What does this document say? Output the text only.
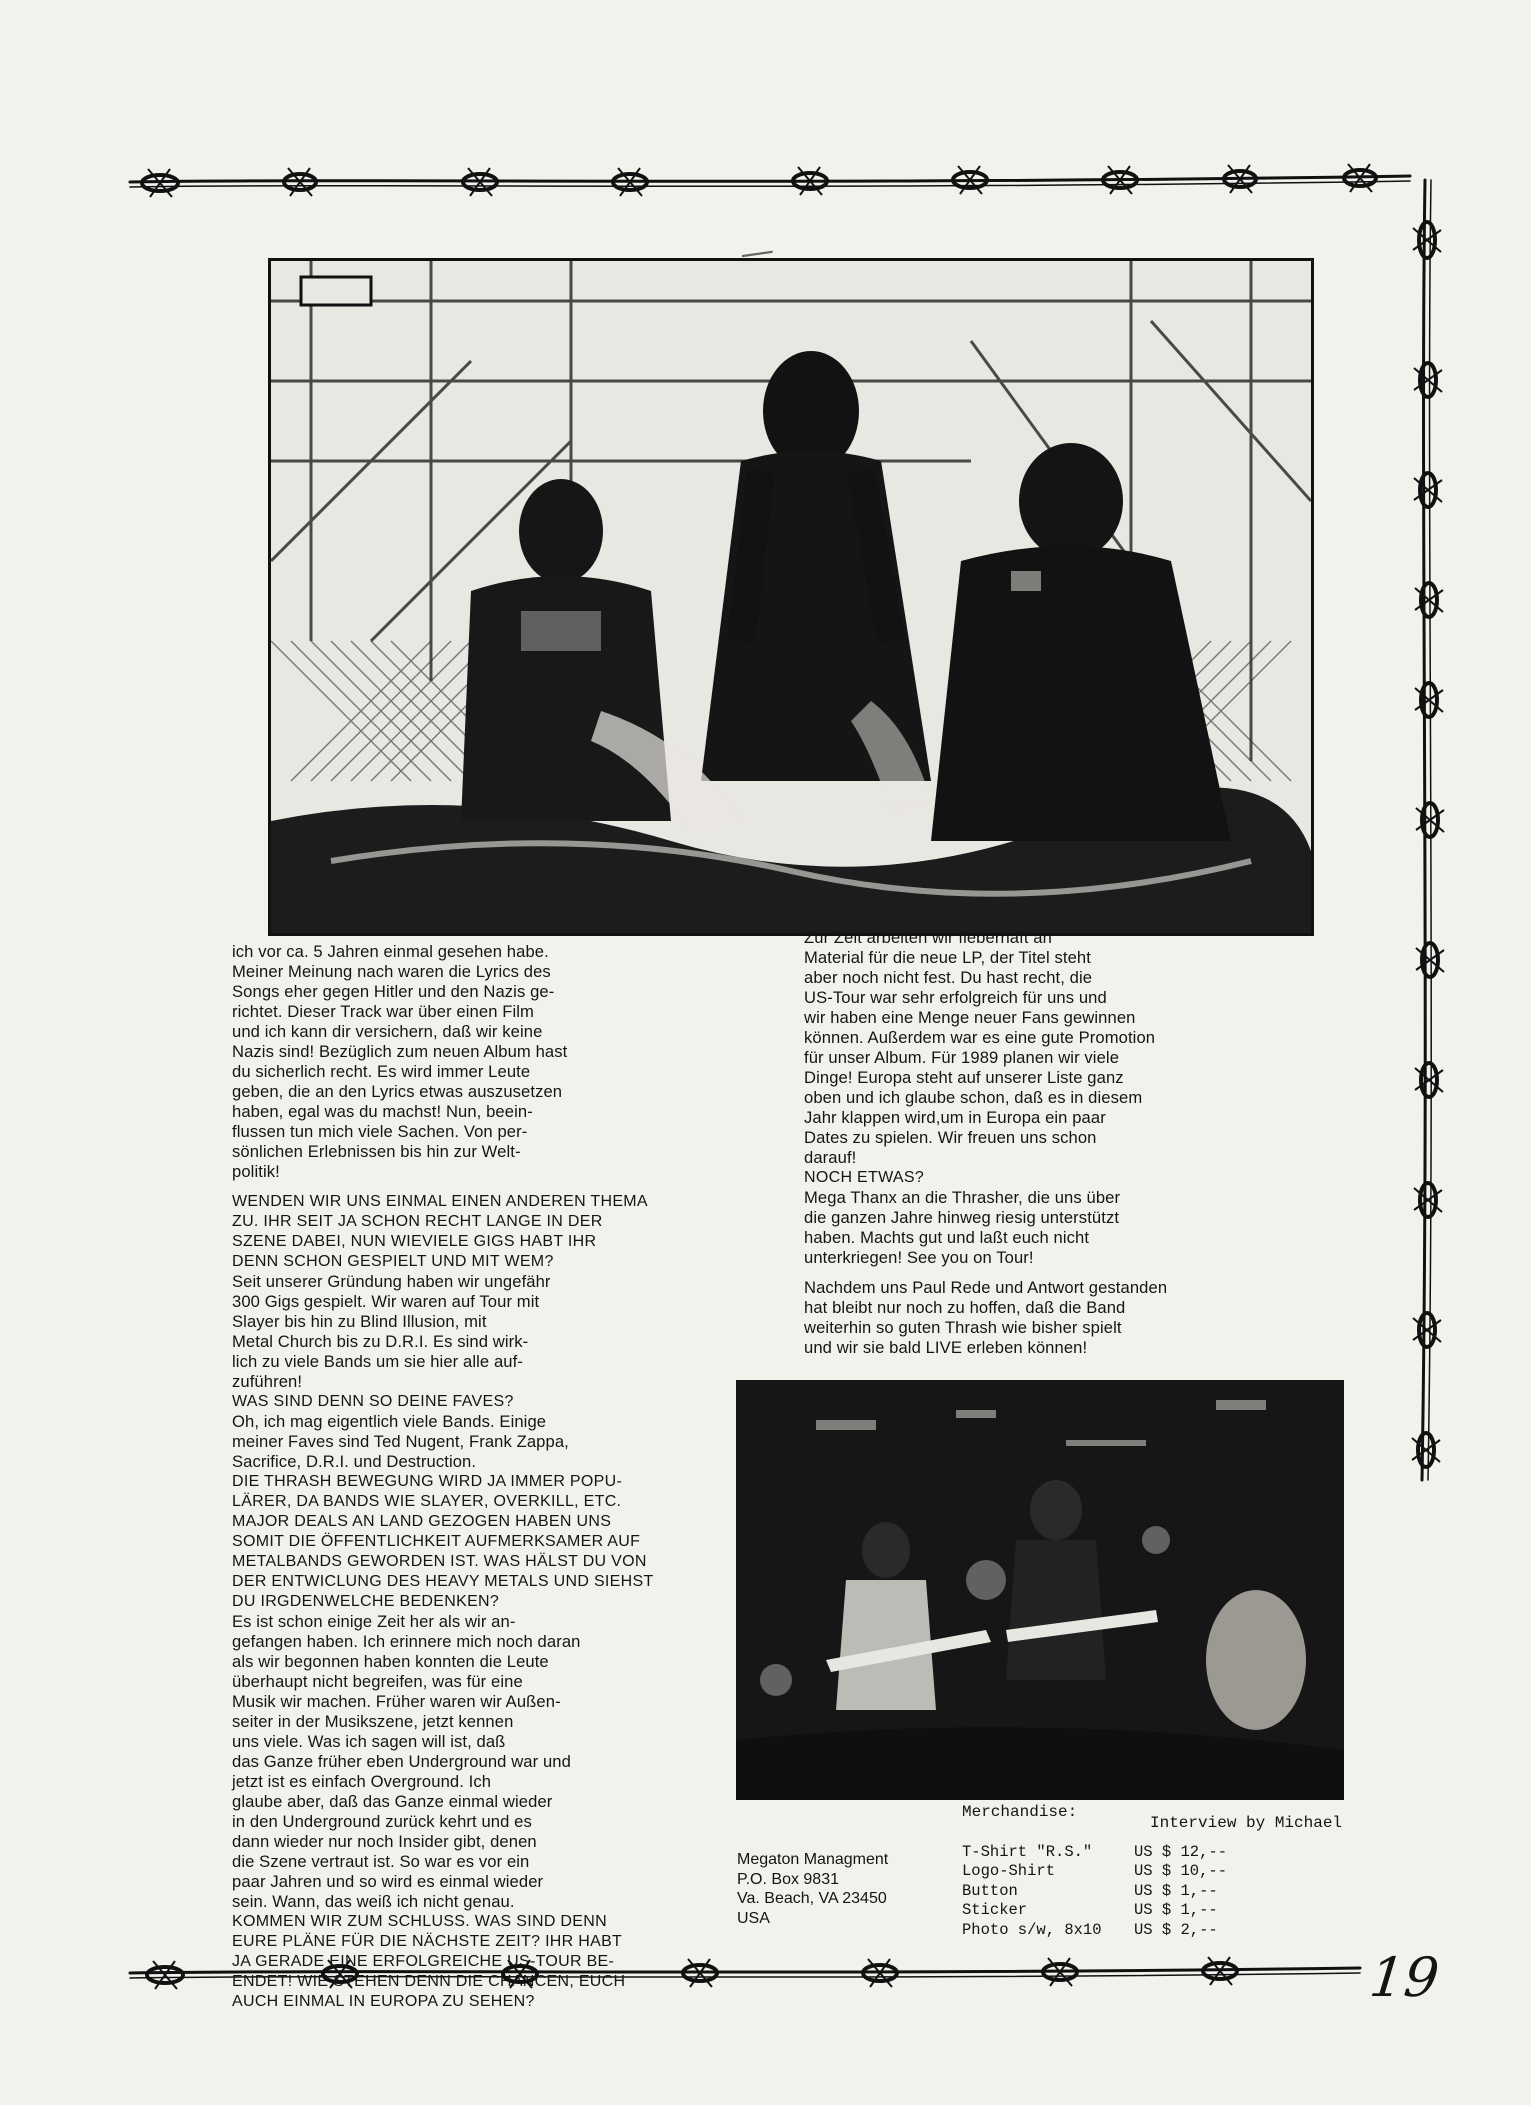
—

ich vor ca. 5 Jahren einmal gesehen habe.
Meiner Meinung nach waren die Lyrics des
Songs eher gegen Hitler und den Nazis ge-
richtet. Dieser Track war über einen Film
und ich kann dir versichern, daß wir keine
Nazis sind! Bezüglich zum neuen Album hast
du sicherlich recht. Es wird immer Leute
geben, die an den Lyrics etwas auszusetzen
haben, egal was du machst! Nun, beein-
flussen tun mich viele Sachen. Von per-
sönlichen Erlebnissen bis hin zur Welt-
politik!

WENDEN WIR UNS EINMAL EINEN ANDEREN THEMA
ZU. IHR SEIT JA SCHON RECHT LANGE IN DER
SZENE DABEI, NUN WIEVIELE GIGS HABT IHR
DENN SCHON GESPIELT UND MIT WEM?

Seit unserer Gründung haben wir ungefähr
300 Gigs gespielt. Wir waren auf Tour mit
Slayer bis hin zu Blind Illusion, mit
Metal Church bis zu D.R.I. Es sind wirk-
lich zu viele Bands um sie hier alle auf-
zuführen!

WAS SIND DENN SO DEINE FAVES?

Oh, ich mag eigentlich viele Bands. Einige
meiner Faves sind Ted Nugent, Frank Zappa,
Sacrifice, D.R.I. und Destruction.

DIE THRASH BEWEGUNG WIRD JA IMMER POPU-
LÄRER, DA BANDS WIE SLAYER, OVERKILL, ETC.
MAJOR DEALS AN LAND GEZOGEN HABEN UNS
SOMIT DIE ÖFFENTLICHKEIT AUFMERKSAMER AUF
METALBANDS GEWORDEN IST. WAS HÄLST DU VON
DER ENTWICLUNG DES HEAVY METALS UND SIEHST
DU IRGDENWELCHE BEDENKEN?

Es ist schon einige Zeit her als wir an-
gefangen haben. Ich erinnere mich noch daran
als wir begonnen haben konnten die Leute
überhaupt nicht begreifen, was für eine
Musik wir machen. Früher waren wir Außen-
seiter in der Musikszene, jetzt kennen
uns viele. Was ich sagen will ist, daß
das Ganze früher eben Underground war und
jetzt ist es einfach Overground. Ich
glaube aber, daß das Ganze einmal wieder
in den Underground zurück kehrt und es
dann wieder nur noch Insider gibt, denen
die Szene vertraut ist. So war es vor ein
paar Jahren und so wird es einmal wieder
sein. Wann, das weiß ich nicht genau.

KOMMEN WIR ZUM SCHLUSS. WAS SIND DENN
EURE PLÄNE FÜR DIE NÄCHSTE ZEIT? IHR HABT
JA GERADE EINE ERFOLGREICHE US-TOUR BE-
ENDET! WIE STEHEN DENN DIE CHANCEN, EUCH
AUCH EINMAL IN EUROPA ZU SEHEN?

Zur Zeit arbeiten wir fieberhaft an
Material für die neue LP, der Titel steht
aber noch nicht fest. Du hast recht, die
US-Tour war sehr erfolgreich für uns und
wir haben eine Menge neuer Fans gewinnen
können. Außerdem war es eine gute Promotion
für unser Album. Für 1989 planen wir viele
Dinge! Europa steht auf unserer Liste ganz
oben und ich glaube schon, daß es in diesem
Jahr klappen wird,um in Europa ein paar
Dates zu spielen. Wir freuen uns schon
darauf!

NOCH ETWAS?

Mega Thanx an die Thrasher, die uns über
die ganzen Jahre hinweg riesig unterstützt
haben. Machts gut und laßt euch nicht
unterkriegen! See you on Tour!

Nachdem uns Paul Rede und Antwort gestanden
hat bleibt nur noch zu hoffen, daß die Band
weiterhin so guten Thrash wie bisher spielt
und wir sie bald LIVE erleben können!

Interview by Michael
Megaton Managment
P.O. Box 9831
Va. Beach, VA 23450
USA
Merchandise:
T-Shirt "R.S."	US $ 12,--
Logo-Shirt	US $ 10,--
Button	US $ 1,--
Sticker	US $ 1,--
Photo s/w, 8x10	US $ 2,--
19
